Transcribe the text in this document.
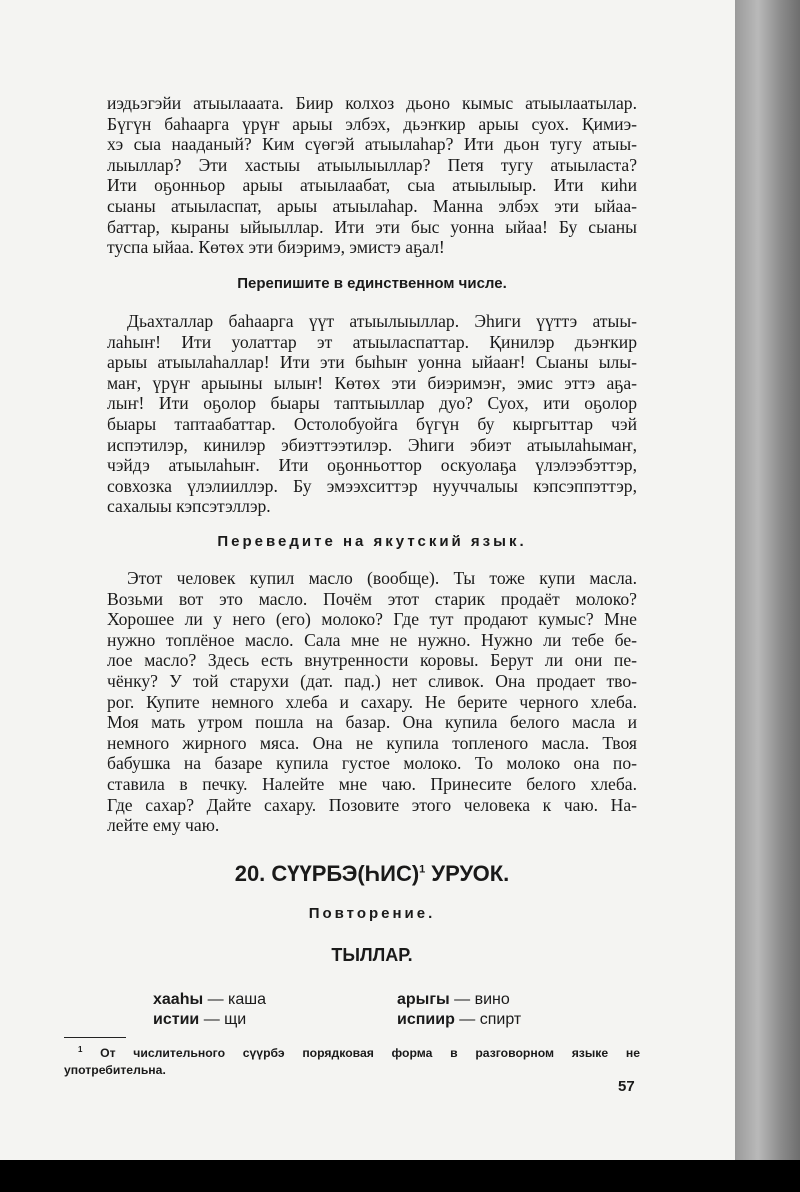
иэдьэгэйи атыылааата. Биир колхоз дьоно кымыс атыылаатылар.
Бүгүн баһаарга үрүҥ арыы элбэх, дьэҥкир арыы суох. Қимиэ-
хэ сыа нааданый? Ким сүөгэй атыылаһар? Ити дьон тугу атыы-
лыыллар? Эти хастыы атыылыыллар? Петя тугу атыыласта?
Ити оҕонньор арыы атыылаабат, сыа атыылыыр. Ити киһи
сыаны атыыласпат, арыы атыылаһар. Манна элбэх эти ыйаа-
баттар, кыраны ыйыыллар. Ити эти быс уонна ыйаа! Бу сыаны
туспа ыйаа. Көтөх эти биэримэ, эмистэ аҕал!
Перепишите в единственном числе.
Дьахталлар баһаарга үүт атыылыыллар. Эһиги үүттэ атыы-
лаһыҥ! Ити уолаттар эт атыыласпаттар. Қинилэр дьэҥкир
арыы атыылаһаллар! Ити эти быһыҥ уонна ыйааҥ! Сыаны ылы-
маҥ, үрүҥ арыыны ылыҥ! Көтөх эти биэримэҥ, эмис эттэ аҕа-
лыҥ! Ити оҕолор быары таптыыллар дуо? Суох, ити оҕолор
быары таптаабаттар. Остолобуойга бүгүн бу кыргыттар чэй
испэтилэр, кинилэр эбиэттээтилэр. Эһиги эбиэт атыылаһымаҥ,
чэйдэ атыылаһыҥ. Ити оҕонньоттор оскуолаҕа үлэлээбэттэр,
совхозка үлэлииллэр. Бу эмээхситтэр нууччалыы кэпсэппэттэр,
сахалыы кэпсэтэллэр.
Переведите на якутский язык.
Этот человек купил масло (вообще). Ты тоже купи масла.
Возьми вот это масло. Почём этот старик продаёт молоко?
Хорошее ли у него (его) молоко? Где тут продают кумыс? Мне
нужно топлёное масло. Сала мне не нужно. Нужно ли тебе бе-
лое масло? Здесь есть внутренности коровы. Берут ли они пе-
чёнку? У той старухи (дат. пад.) нет сливок. Она продает тво-
рог. Купите немного хлеба и сахару. Не берите черного хлеба.
Моя мать утром пошла на базар. Она купила белого масла и
немного жирного мяса. Она не купила топленого масла. Твоя
бабушка на базаре купила густое молоко. То молоко она по-
ставила в печку. Налейте мне чаю. Принесите белого хлеба.
Где сахар? Дайте сахару. Позовите этого человека к чаю. На-
лейте ему чаю.
20. СҮҮРБЭ(ҺИС)$^1$ УРУОК.
Повторение.
ТЫЛЛАР.
хааһы — каша
истии — щи
арыгы — вино
испиир — спирт
$^1$ От числительного сүүрбэ порядковая форма в разговорном языке не
употребительна.
57
